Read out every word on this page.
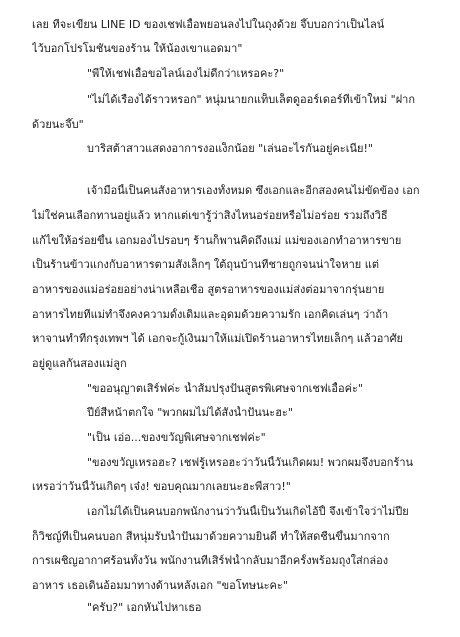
เลย ที่จะเขียน LINE ID ของเชฟเอื้อพยอนลงไปในถุงด้วย จึ๊บบอกว่าเป็นไลน์
ไว้บอกโปรโมชันของร้าน ให้น้องเขาแอดมา"
"พี่ให้เชฟเอื้อขอไลน์เองไม่ดีกว่าเหรอคะ?"
"ไม่ได้เรื่องได้ราวหรอก" หนุ่มนายกแท็บเล็ตดูออร์เดอร์ที่เข้าใหม่ "ฝาก
ด้วยนะจึ๊บ"
บาริสต้าสาวแสดงอาการงอแง็กน้อย "เล่นอะไรกันอยู่คะเนี่ย!"
เจ้ามือนี้เป็นคนสั่งอาหารเองทั้งหมด ซึ่งเอกและอีกสองคนไม่ขัดข้อง เอก
ไม่ใช่คนเลือกทานอยู่แล้ว หากแต่เขารู้ว่าสิ่งไหนอร่อยหรือไม่อร่อย รวมถึงวิธี
แก้ไขให้อร่อยขึ้น เอกมองไปรอบๆ ร้านก็พานคิดถึงแม่ แม่ของเอกทำอาหารขาย
เป็นร้านข้าวแกงกับอาหารตามสั่งเล็กๆ ใต้ถุนบ้านที่ชายถูกจนน่าใจหาย แต่
อาหารของแม่อร่อยอย่างน่าเหลือเชื่อ สูตรอาหารของแม่ส่งต่อมาจากรุ่นยาย
อาหารไทยที่แม่ทำจึงคงความดั้งเดิมและอุดมด้วยความรัก เอกคิดเล่นๆ ว่าถ้า
หาจานทำที่กรุงเทพฯ ได้ เอกจะกู้เงินมาให้แม่เปิดร้านอาหารไทยเล็กๆ แล้วอาศัย
อยู่ดูแลกันสองแม่ลูก
"ขออนุญาตเสิร์ฟค่ะ น้ำส้มปรุงปั่นสูตรพิเศษจากเชฟเอื้อค่ะ"
ปีย์สีหน้าตกใจ "พวกผมไม่ได้สั่งน้ำปั่นนะฮะ"
"เป็น เอ่อ...ของขวัญพิเศษจากเชฟค่ะ"
"ของขวัญเหรอฮะ? เชฟรู้เหรอฮะว่าวันนี้วันเกิดผม! พวกผมจึงบอกร้าน
เหรอว่าวันนี้วันเกิดๆ เจ๋ง! ขอบคุณมากเลยนะฮะพี่สาว!"
เอกไม่ได้เป็นคนบอกพนักงานว่าวันนี้เป็นวันเกิดไอ้ปี้ จึงเข้าใจว่าไม่ปีย
ก็วิชญ์ที่เป็นคนบอก สีหนุ่มรับน้ำปั่นมาด้วยความยินดี ทำให้สดชื่นขึ้นมากจาก
การเผชิญอากาศร้อนทั้งวัน พนักงานที่เสิร์ฟน้ำกลับมาอีกครั้งพร้อมถุงใส่กล่อง
อาหาร เธอเดินอ้อมมาทางด้านหลังเอก "ขอโทษนะคะ"
"ครับ?" เอกหันไปหาเธอ
